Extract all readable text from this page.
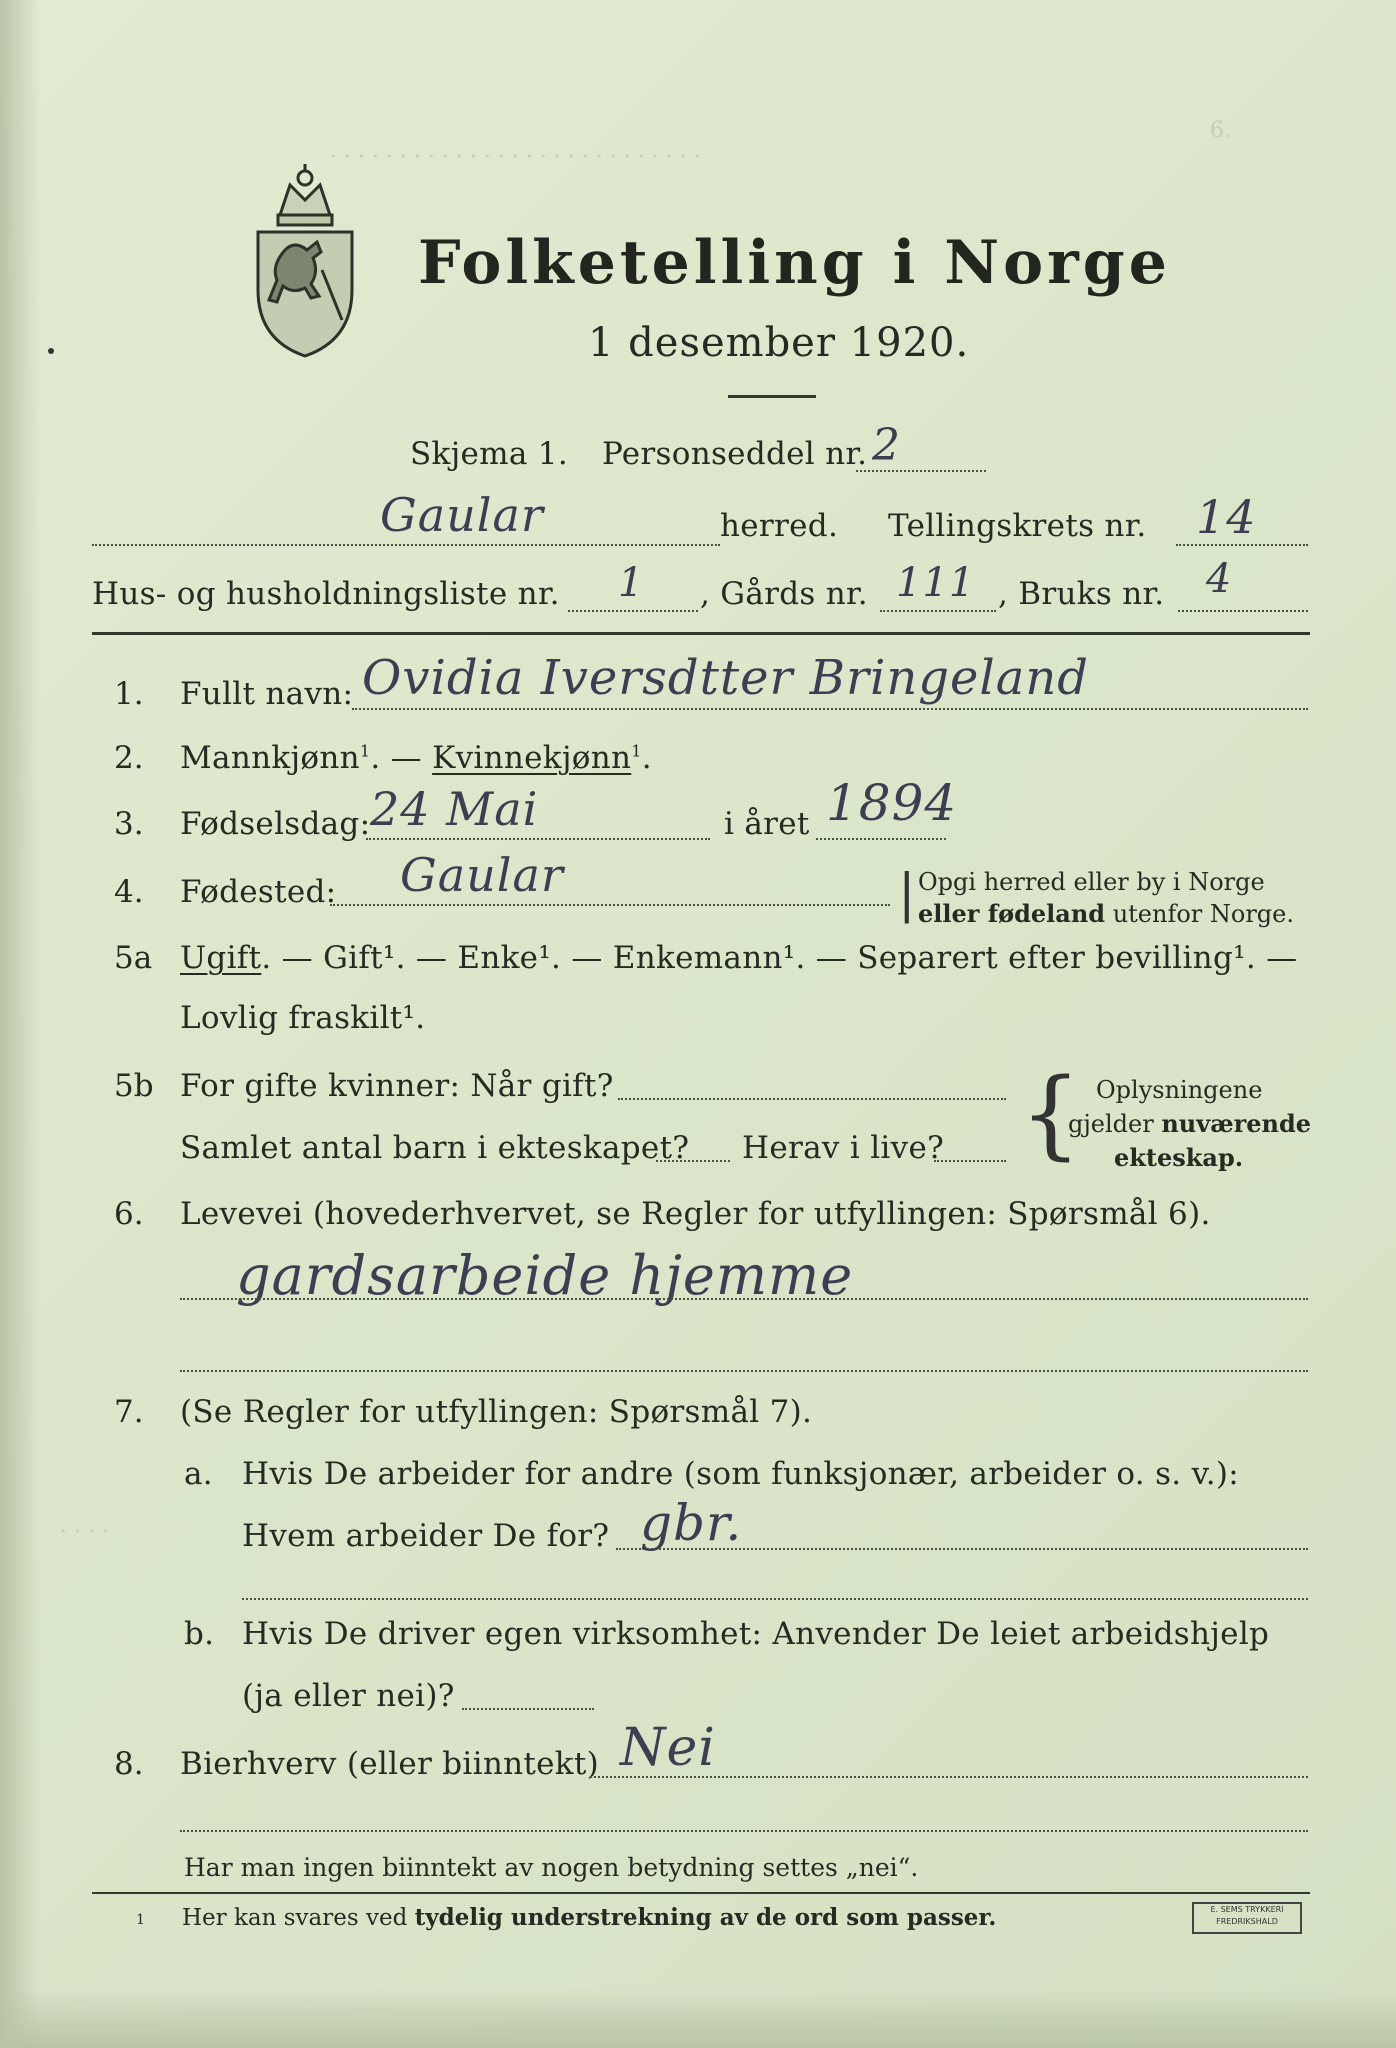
6.
· · · · · · · · · · · · · · · · · · · · · · · · · · ·
· · · ·
Folketelling i Norge
1 desember 1920.
Skjema 1. Personseddel nr. 2
Gaular	herred. Tellingskrets nr. 14
Hus- og husholdningsliste nr. 1 , Gårds nr. 111 , Bruks nr. 4
1. Fullt navn: Ovidia Iversdtter Bringeland
2. Mannkjønn$^1$. — Kvinnekjønn$^1$.
3. Fødselsdag: 24 Mai	i året 1894
4. Fødested: Gaular	| Opgi herred eller by i Norge
eller fødeland utenfor Norge.
5a Ugift. — Gift¹. — Enke¹. — Enkemann¹. — Separert efter bevilling¹. —
Lovlig fraskilt¹.
5b For gifte kvinner: Når gift?
Samlet antal barn i ekteskapet? Herav i live? { Oplysningene
gjelder nuværende
ekteskap.
6. Levevei (hovederhvervet, se Regler for utfyllingen: Spørsmål 6).
gardsarbeide hjemme
7. (Se Regler for utfyllingen: Spørsmål 7).
a. Hvis De arbeider for andre (som funksjonær, arbeider o. s. v.):
Hvem arbeider De for? gbr.
b. Hvis De driver egen virksomhet: Anvender De leiet arbeidshjelp
(ja eller nei)?
8. Bierhverv (eller biinntekt) Nei
Har man ingen biinntekt av nogen betydning settes „nei“.
1 Her kan svares ved tydelig understrekning av de ord som passer.	E. SEMS TRYKKERI
FREDRIKSHALD
